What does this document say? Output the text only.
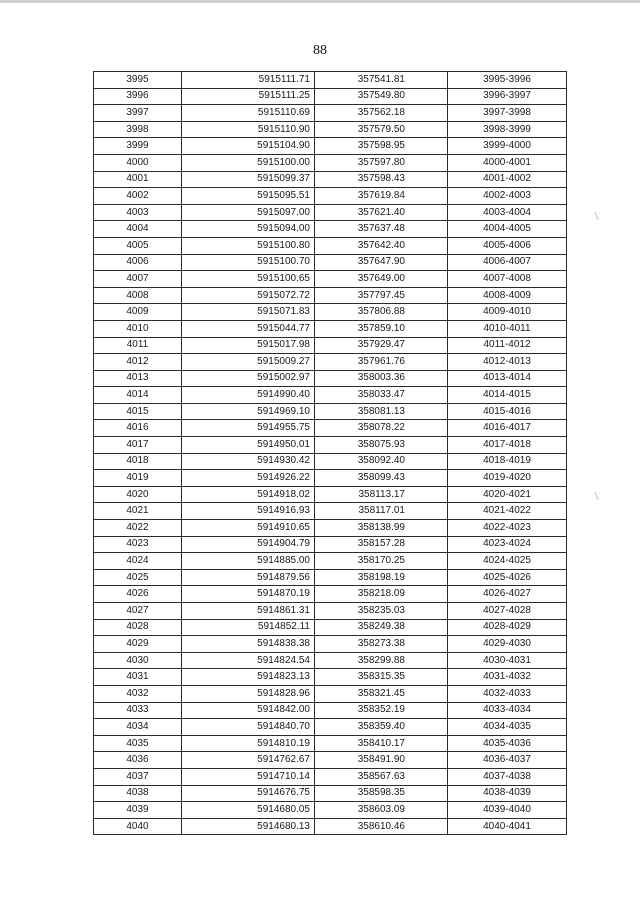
88
3995	5915111.71	357541.81	3995-3996
3996	5915111.25	357549.80	3996-3997
3997	5915110.69	357562.18	3997-3998
3998	5915110.90	357579.50	3998-3999
3999	5915104.90	357598.95	3999-4000
4000	5915100.00	357597.80	4000-4001
4001	5915099.37	357598.43	4001-4002
4002	5915095.51	357619.84	4002-4003
4003	5915097.00	357621.40	4003-4004
4004	5915094.00	357637.48	4004-4005
4005	5915100.80	357642.40	4005-4006
4006	5915100.70	357647.90	4006-4007
4007	5915100.65	357649.00	4007-4008
4008	5915072.72	357797.45	4008-4009
4009	5915071.83	357806.88	4009-4010
4010	5915044.77	357859.10	4010-4011
4011	5915017.98	357929.47	4011-4012
4012	5915009.27	357961.76	4012-4013
4013	5915002.97	358003.36	4013-4014
4014	5914990.40	358033.47	4014-4015
4015	5914969.10	358081.13	4015-4016
4016	5914955.75	358078.22	4016-4017
4017	5914950.01	358075.93	4017-4018
4018	5914930.42	358092.40	4018-4019
4019	5914926.22	358099.43	4019-4020
4020	5914918.02	358113.17	4020-4021
4021	5914916.93	358117.01	4021-4022
4022	5914910.65	358138.99	4022-4023
4023	5914904.79	358157.28	4023-4024
4024	5914885.00	358170.25	4024-4025
4025	5914879.56	358198.19	4025-4026
4026	5914870.19	358218.09	4026-4027
4027	5914861.31	358235.03	4027-4028
4028	5914852.11	358249.38	4028-4029
4029	5914838.38	358273.38	4029-4030
4030	5914824.54	358299.88	4030-4031
4031	5914823.13	358315.35	4031-4032
4032	5914828.96	358321.45	4032-4033
4033	5914842.00	358352.19	4033-4034
4034	5914840.70	358359.40	4034-4035
4035	5914810.19	358410.17	4035-4036
4036	5914762.67	358491.90	4036-4037
4037	5914710.14	358567.63	4037-4038
4038	5914676.75	358598.35	4038-4039
4039	5914680.05	358603.09	4039-4040
4040	5914680.13	358610.46	4040-4041
